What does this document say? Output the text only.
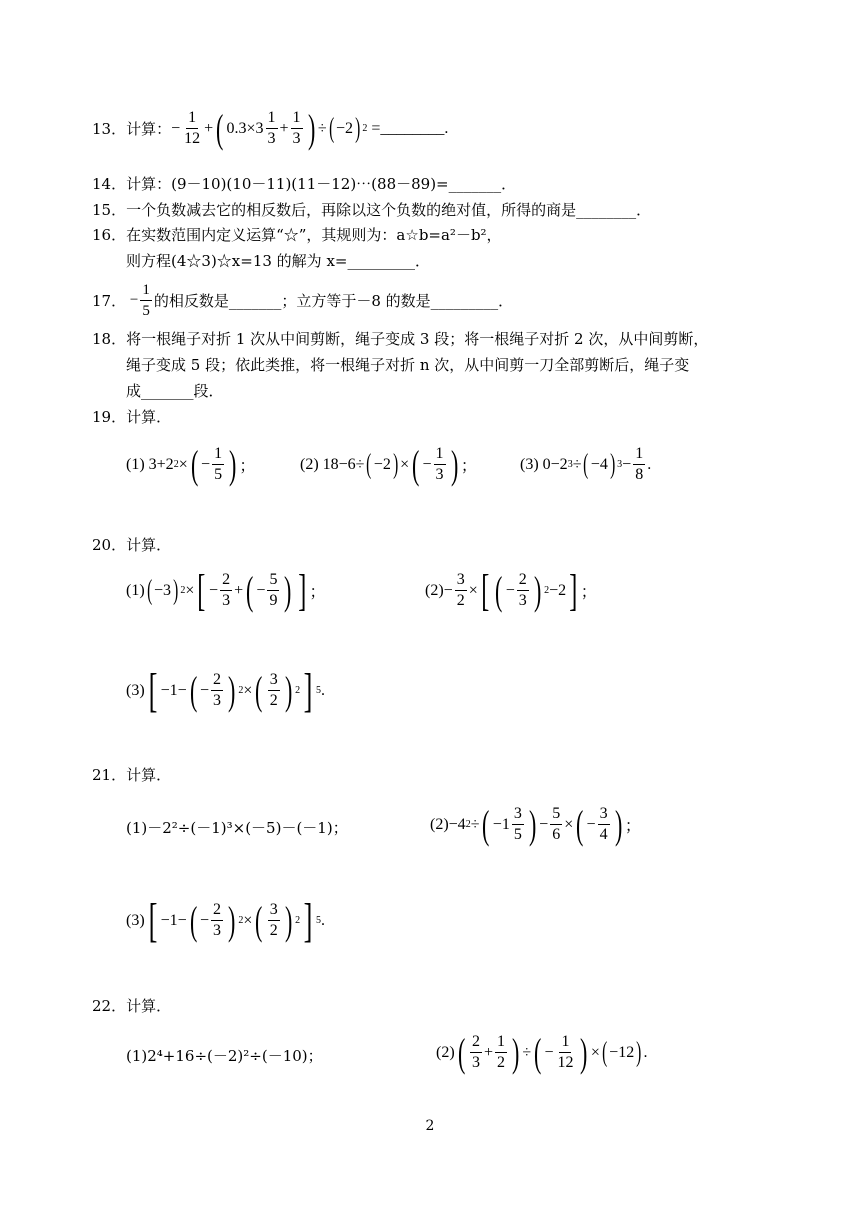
13．计算： − $\frac{1}{12}$ + ( $0.3\times 3 \frac{1}{3} + \frac{1}{3}$ ) ÷ ( −2 ) 2 = ________ .
14．计算：(9－10)(10－11)(11－12)⋯(88－89)=_______．
15．一个负数减去它的相反数后，再除以这个负数的绝对值，所得的商是________．
16．在实数范围内定义运算“☆”，其规则为：a☆b=a²－b²，
则方程(4☆3)☆x=13 的解为 x=_________．
17． − $\frac{1}{5}$ 的相反数是_______；立方等于－8 的数是_________．
18．将一根绳子对折 1 次从中间剪断，绳子变成 3 段；将一根绳子对折 2 次，从中间剪断，
绳子变成 5 段；依此类推，将一根绳子对折 n 次，从中间剪一刀全部剪断后，绳子变
成_______段．
19．计算．
(1) 3+2 2 × ( − $\frac{1}{5}$ ) ；	(2) 18−6÷ ( −2 ) × ( − $\frac{1}{3}$ ) ；	(3) 0−2 3 ÷ ( −4 ) $3 - \frac{1}{8}$ .
20．计算．
(1) ( −3 ) 2 × [ − $\frac{2}{3}$ + ( − $\frac{5}{9}$ ) ] ；	$(2)- \frac{3}{2}$ × [ ( − $\frac{2}{3}$ ) 2 −2 ] ；
(3) [ −1− ( − $\frac{2}{3}$ ) 2 × ( $\frac{3}{2}$ ) 2 ] 5 .
21．计算．
(1)－2²÷(－1)³×(－5)－(－1)；	(2)−4 2 ÷ ( $-1 \frac{3}{5}$ ) − $\frac{5}{6}$ × ( − $\frac{3}{4}$ ) ；
(3) [ −1− ( − $\frac{2}{3}$ ) 2 × ( $\frac{3}{2}$ ) 2 ] 5 .
22．计算．
(1)2⁴+16÷(－2)²÷(－10)；	(2) ( $\frac{2}{3} + \frac{1}{2}$ ) ÷ ( − $\frac{1}{12}$ ) × ( −12 ) .
2
